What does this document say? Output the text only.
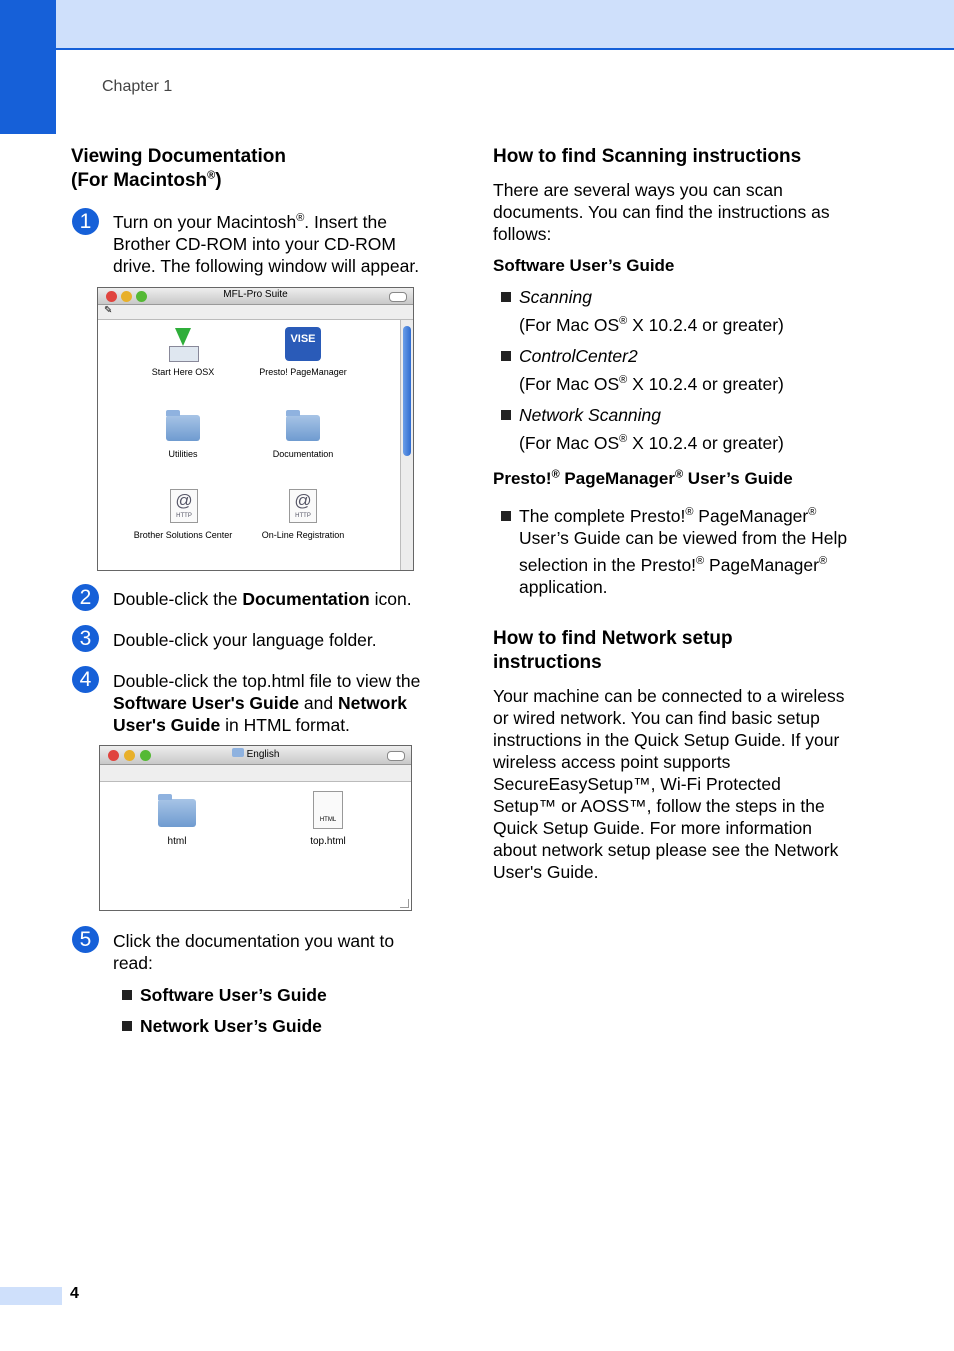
Chapter 1
Viewing Documentation
(For Macintosh®)
1	Turn on your Macintosh®. Insert the
Brother CD-ROM into your CD-ROM
drive. The following window will appear.
MFL-Pro Suite
✎
Start Here OSX
VISE
Presto! PageManager
Utilities	Documentation
@
HTTP
Brother Solutions Center
@
HTTP
On-Line Registration
2	Double-click the Documentation icon.
3	Double-click your language folder.
4	Double-click the top.html file to view the
Software User's Guide and Network
User's Guide in HTML format.
English
html
HTML
top.html
5	Click the documentation you want to
read:
Software User’s Guide
Network User’s Guide
How to find Scanning instructions
There are several ways you can scan
documents. You can find the instructions as
follows:
Software User’s Guide
Scanning
(For Mac OS® X 10.2.4 or greater)
ControlCenter2
(For Mac OS® X 10.2.4 or greater)
Network Scanning
(For Mac OS® X 10.2.4 or greater)
Presto!® PageManager® User’s Guide
The complete Presto!® PageManager®
User’s Guide can be viewed from the Help
selection in the Presto!® PageManager®
application.
How to find Network setup
instructions
Your machine can be connected to a wireless
or wired network. You can find basic setup
instructions in the Quick Setup Guide. If your
wireless access point supports
SecureEasySetup™, Wi-Fi Protected
Setup™ or AOSS™, follow the steps in the
Quick Setup Guide. For more information
about network setup please see the Network
User's Guide.
4
